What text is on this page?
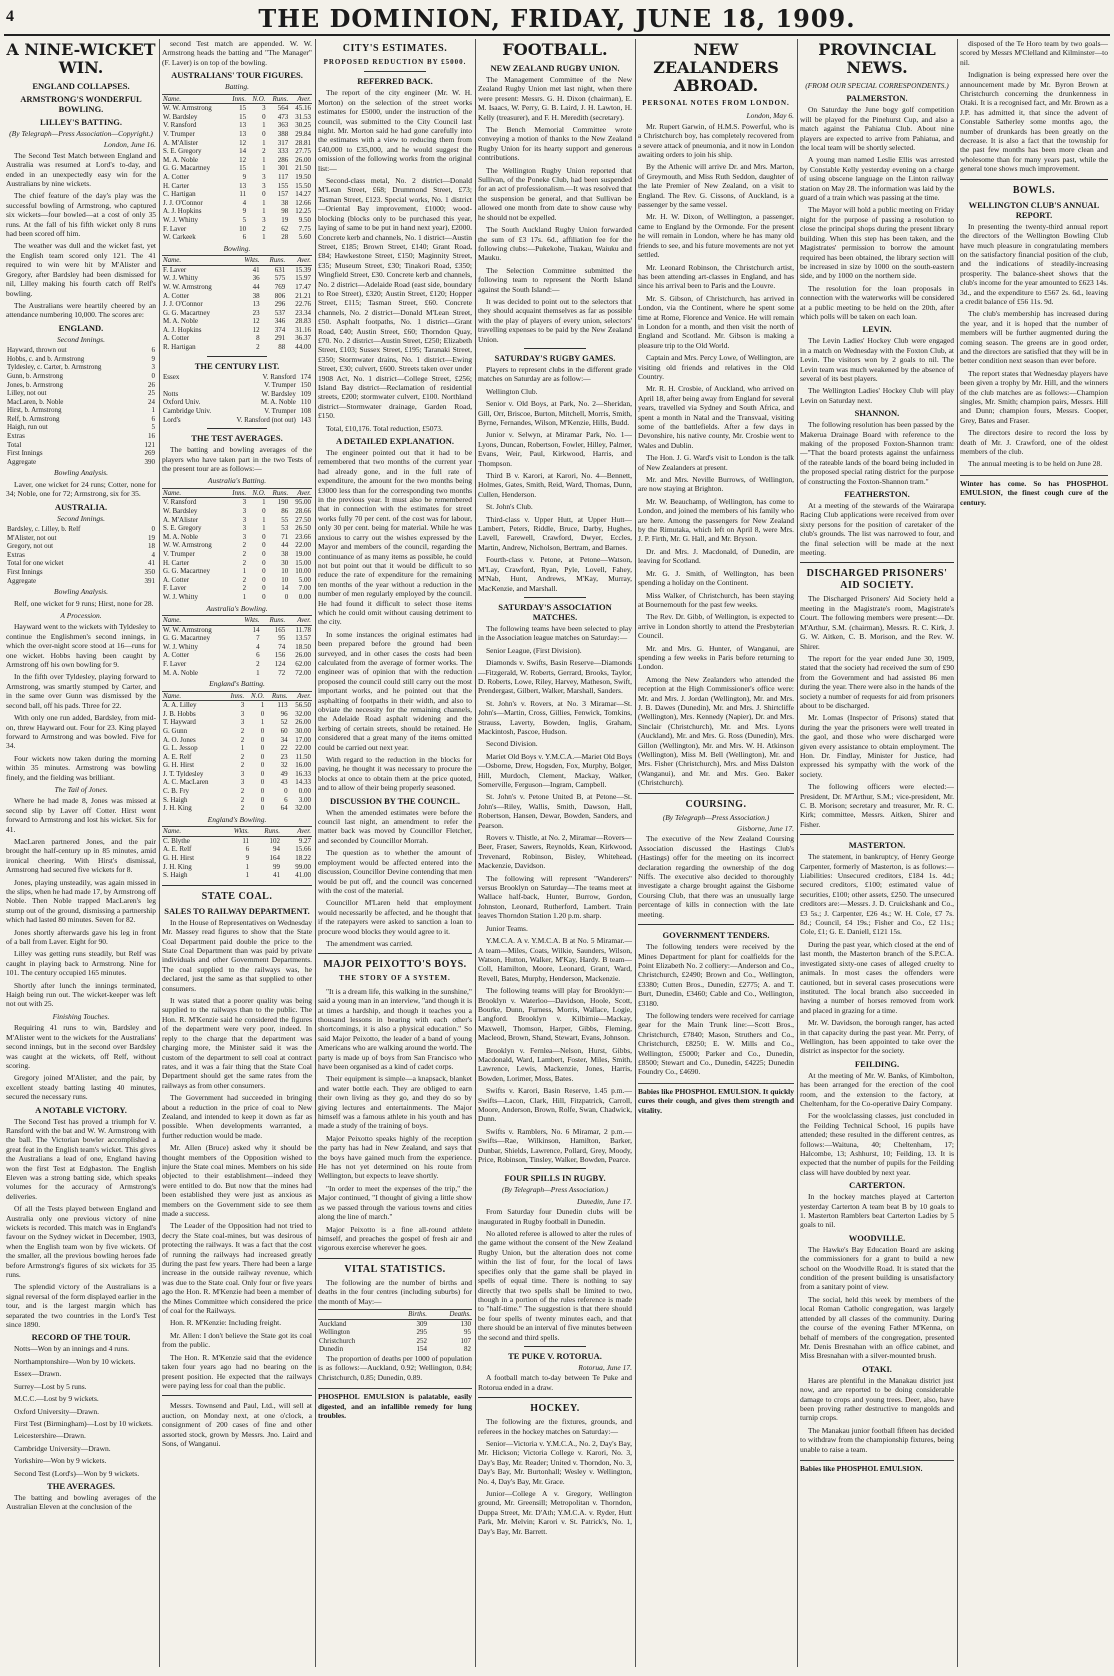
4	THE DOMINION, FRIDAY, JUNE 18, 1909.
A NINE-WICKET WIN.
ENGLAND COLLAPSES.
ARMSTRONG'S WONDERFUL BOWLING.
LILLEY'S BATTING.
(By Telegraph—Press Association—Copyright.)
London, June 16.

The Second Test Match between England and Australia was resumed at Lord's to-day, and ended in an unexpectedly easy win for the Australians by nine wickets.

The chief feature of the day's play was the successful bowling of Armstrong, who captured six wickets—four bowled—at a cost of only 35 runs. At the fall of his fifth wicket only 8 runs had been scored off him.

The weather was dull and the wicket fast, yet the English team scored only 121. The 41 required to win were hit by M'Alister and Gregory, after Bardsley had been dismissed for nil, Lilley making his fourth catch off Relf's bowling.

The Australians were heartily cheered by an attendance numbering 10,000. The scores are:

ENGLAND.
Second Innings.
Hayward, thrown out	6
Hobbs, c. and b. Armstrong	9
Tyldesley, c. Carter, b. Armstrong	3
Gunn, b. Armstrong	0
Jones, b. Armstrong	26
Lilley, not out	25
MacLaren, b. Noble	24
Hirst, b. Armstrong	1
Relf, b. Armstrong	6
Haigh, run out	5
Extras	16
Total	121
First Innings	269
Aggregate	390
Bowling Analysis.

Laver, one wicket for 24 runs; Cotter, none for 34; Noble, one for 72; Armstrong, six for 35.

AUSTRALIA.
Second Innings.
Bardsley, c. Lilley, b. Relf	0
M'Alister, not out	19
Gregory, not out	18
Extras	4
Total for one wicket	41
First Innings	350
Aggregate	391
Bowling Analysis.

Relf, one wicket for 9 runs; Hirst, none for 28.

A Procession.

Hayward went to the wickets with Tyldesley to continue the Englishmen's second innings, in which the over-night score stood at 16—runs for one wicket. Hobbs having been caught by Armstrong off his own bowling for 9.

In the fifth over Tyldesley, playing forward to Armstrong, was smartly stumped by Carter, and in the same over Gunn was dismissed by the second ball, off his pads. Three for 22.

With only one run added, Bardsley, from mid-on, threw Hayward out. Four for 23. King played forward to Armstrong and was bowled. Five for 34.

Four wickets now taken during the morning within 35 minutes. Armstrong was bowling finely, and the fielding was brilliant.

The Tail of Jones.

Where he had made 8, Jones was missed at second slip by Laver off Cotter. Hirst went forward to Armstrong and lost his wicket. Six for 41.

MacLaren partnered Jones, and the pair brought the half-century up in 85 minutes, amid ironical cheering. With Hirst's dismissal, Armstrong had secured five wickets for 8.

Jones, playing unsteadily, was again missed in the slips, when he had made 17, by Armstrong off Noble. Then Noble trapped MacLaren's leg stump out of the ground, dismissing a partnership which had lasted 80 minutes. Seven for 82.

Jones shortly afterwards gave his leg in front of a ball from Laver. Eight for 90.

Lilley was getting runs steadily, but Relf was caught in playing back to Armstrong. Nine for 101. The century occupied 165 minutes.

Shortly after lunch the innings terminated, Haigh being run out. The wicket-keeper was left not out with 25.

Finishing Touches.

Requiring 41 runs to win, Bardsley and M'Alister went to the wickets for the Australians' second innings, but in the second over Bardsley was caught at the wickets, off Relf, without scoring.

Gregory joined M'Alister, and the pair, by excellent steady batting lasting 40 minutes, secured the necessary runs.

A NOTABLE VICTORY.

The Second Test has proved a triumph for V. Ransford with the bat and W. W. Armstrong with the ball. The Victorian bowler accomplished a great feat in the English team's wicket. This gives the Australians a lead of one, England having won the first Test at Edgbaston. The English Eleven was a strong batting side, which speaks volumes for the accuracy of Armstrong's deliveries.

Of all the Tests played between England and Australia only one previous victory of nine wickets is recorded. This match was in England's favour on the Sydney wicket in December, 1903, when the English team won by five wickets. Of the smaller, all the previous bowling heroes fade before Armstrong's figures of six wickets for 35 runs.

The splendid victory of the Australians is a signal reversal of the form displayed earlier in the tour, and is the largest margin which has separated the two countries in the Lord's Test since 1890.

RECORD OF THE TOUR.

Notts—Won by an innings and 4 runs.

Northamptonshire—Won by 10 wickets.

Essex—Drawn.

Surrey—Lost by 5 runs.

M.C.C.—Lost by 9 wickets.

Oxford University—Drawn.

First Test (Birmingham)—Lost by 10 wickets.

Leicestershire—Drawn.

Cambridge University—Drawn.

Yorkshire—Won by 9 wickets.

Second Test (Lord's)—Won by 9 wickets.

THE AVERAGES.

The batting and bowling averages of the Australian Eleven at the conclusion of the

second Test match are appended. W. W. Armstrong heads the batting and "The Manager" (F. Laver) is on top of the bowling.

AUSTRALIANS' TOUR FIGURES.
Batting.
Name.	Inns.	N.O.	Runs.	Aver.
W. W. Armstrong	15	3	564	45.16
W. Bardsley	15	0	473	31.53
V. Ransford	13	1	363	30.25
V. Trumper	13	0	388	29.84
A. M'Alister	12	1	317	28.81
S. E. Gregory	14	2	333	27.75
M. A. Noble	12	1	286	26.00
G. G. Macartney	15	1	301	21.50
A. Cotter	9	3	117	19.50
H. Carter	13	3	155	15.50
C. Hartigan	11	0	157	14.27
J. J. O'Connor	4	1	38	12.66
A. J. Hopkins	9	1	98	12.25
W. J. Whitty	5	3	19	9.50
F. Laver	10	2	62	7.75
W. Carkeek	6	1	28	5.60
Bowling.
Name.	Wkts.	Runs.	Aver.
F. Laver	41	631	15.39
W. J. Whitty	36	575	15.97
W. W. Armstrong	44	769	17.47
A. Cotter	38	806	21.21
J. J. O'Connor	13	296	22.76
G. G. Macartney	23	537	23.34
M. A. Noble	12	346	28.83
A. J. Hopkins	12	374	31.16
A. Cotter	8	291	36.37
R. Hartigan	2	88	44.00
THE CENTURY LIST.
Essex	V. Ransford	174
	V. Trumper	150
Notts	W. Bardsley	109
Oxford Univ.	M. A. Noble	110
Cambridge Univ.	V. Trumper	108
Lord's	V. Ransford (not out)	143
THE TEST AVERAGES.

The batting and bowling averages of the players who have taken part in the two Tests of the present tour are as follows:—

Australia's Batting.
Name.	Inns.	N.O.	Runs.	Aver.
V. Ransford	3	1	190	95.00
W. Bardsley	3	0	86	28.66
A. M'Alister	3	1	55	27.50
S. E. Gregory	3	1	53	26.50
M. A. Noble	3	0	71	23.66
W. W. Armstrong	2	0	44	22.00
V. Trumper	2	0	38	19.00
H. Carter	2	0	30	15.00
G. G. Macartney	1	0	10	10.00
A. Cotter	2	0	10	5.00
F. Laver	2	0	14	7.00
W. J. Whitty	1	0	0	0.00
Australia's Bowling.
Name.	Wkts.	Runs.	Aver.
W. W. Armstrong	14	165	11.78
G. G. Macartney	7	95	13.57
W. J. Whitty	4	74	18.50
A. Cotter	6	156	26.00
F. Laver	2	124	62.00
M. A. Noble	1	72	72.00
England's Batting.
Name.	Inns.	N.O.	Runs.	Aver.
A. A. Lilley	3	1	113	56.50
J. B. Hobbs	3	0	96	32.00
T. Hayward	3	1	52	26.00
G. Gunn	2	0	60	30.00
A. O. Jones	2	0	34	17.00
G. L. Jessop	1	0	22	22.00
A. E. Relf	2	0	23	11.50
G. H. Hirst	2	0	32	16.00
J. T. Tyldesley	3	0	49	16.33
A. C. MacLaren	3	0	43	14.33
C. B. Fry	2	0	0	0.00
S. Haigh	2	0	6	3.00
J. H. King	2	0	64	32.00
England's Bowling.
Name.	Wkts.	Runs.	Aver.
C. Blythe	11	102	9.27
A. E. Relf	6	94	15.66
G. H. Hirst	9	164	18.22
J. H. King	1	99	99.00
S. Haigh	1	41	41.00
STATE COAL.
SALES TO RAILWAY DEPARTMENT.

In the House of Representatives on Wednesday Mr. Massey read figures to show that the State Coal Department paid double the price to the State Coal Department than was paid by private individuals and other Government Departments. The coal supplied to the railways was, he declared, just the same as that supplied to other consumers.

It was stated that a poorer quality was being supplied to the railways than to the public. The Hon. R. M'Kenzie said he considered the figures of the department were very poor, indeed. In reply to the charge that the department was charging more, the Minister said it was the custom of the department to sell coal at contract rates, and it was a fair thing that the State Coal Department should get the same rates from the railways as from other consumers.

The Government had succeeded in bringing about a reduction in the price of coal to New Zealand, and intended to keep it down as far as possible. When developments warranted, a further reduction would be made.

Mr. Allen (Bruce) asked why it should be thought members of the Opposition wished to injure the State coal mines. Members on his side objected to their establishment—indeed they were entitled to do. But now that the mines had been established they were just as anxious as members on the Government side to see them made a success.

The Leader of the Opposition had not tried to decry the State coal-mines, but was desirous of protecting the railways. It was a fact that the cost of running the railways had increased greatly during the past few years. There had been a large increase in the outside railway revenue, which was due to the State coal. Only four or five years ago the Hon. R. M'Kenzie had been a member of the Mines Committee which considered the price of coal for the Railways.

Hon. R. M'Kenzie: Including freight.

Mr. Allen: I don't believe the State got its coal from the public.

The Hon. R. M'Kenzie said that the evidence taken four years ago had no bearing on the present position. He expected that the railways were paying less for coal than the public.

Messrs. Townsend and Paul, Ltd., will sell at auction, on Monday next, at one o'clock, a consignment of 200 cases of fine and other assorted stock, grown by Messrs. Jno. Laird and Sons, of Wanganui.

CITY'S ESTIMATES.
PROPOSED REDUCTION BY £5000.
REFERRED BACK.

The report of the city engineer (Mr. W. H. Morton) on the selection of the street works estimates for £5000, under the instruction of the council, was submitted to the City Council last night. Mr. Morton said he had gone carefully into the estimates with a view to reducing them from £40,000 to £35,000, and he would suggest the omission of the following works from the original list:—

Second-class metal, No. 2 district—Donald M'Lean Street, £68; Drummond Street, £73; Tasman Street, £123. Special works, No. 1 district—Oriental Bay improvement, £1000; wood-blocking (blocks only to be purchased this year, laying of same to be put in hand next year), £2000. Concrete kerb and channels, No. 1 district—Austin Street, £185; Brown Street, £140; Grant Road, £84; Hawkestone Street, £150; Maginnity Street, £35; Museum Street, £30; Tinakori Road, £350; Wingfield Street, £30. Concrete kerb and channels, No. 2 district—Adelaide Road (east side, boundary to Roe Street), £320; Austin Street, £120; Hopper Street, £115; Tasman Street, £60. Concrete channels, No. 2 district—Donald M'Lean Street, £50. Asphalt footpaths, No. 1 district—Grant Road, £40; Austin Street, £60; Thorndon Quay, £70. No. 2 district—Austin Street, £250; Elizabeth Street, £103; Sussex Street, £195; Taranaki Street, £350; Stormwater drains, No. 1 district—Ewing Street, £30; culvert, £600. Streets taken over under 1908 Act, No. 1 district—College Street, £256; Island Bay district—Reclamation of residential streets, £200; stormwater culvert, £100. Northland district—Stormwater drainage, Garden Road, £150.

Total, £10,176. Total reduction, £5073.

A DETAILED EXPLANATION.

The engineer pointed out that it had to be remembered that two months of the current year had already gone, and in the full rate of expenditure, the amount for the two months being £3000 less than for the corresponding two months in the previous year. It must also be remembered that in connection with the estimates for street works fully 70 per cent. of the cost was for labour, only 30 per cent. being for material. While he was anxious to carry out the wishes expressed by the Mayor and members of the council, regarding the continuance of as many items as possible, he could not but point out that it would be difficult to so reduce the rate of expenditure for the remaining ten months of the year without a reduction in the number of men regularly employed by the council. He had found it difficult to select those items which he could omit without causing detriment to the city.

In some instances the original estimates had been prepared before the ground had been surveyed, and in other cases the costs had been calculated from the average of former works. The engineer was of opinion that with the reduction proposed the council could still carry out the most important works, and he pointed out that the asphalting of footpaths in their width, and also to obviate the necessity for the remaining channels, the Adelaide Road asphalt widening and the kerbing of certain streets, should be retained. He considered that a great many of the items omitted could be carried out next year.

With regard to the reduction in the blocks for paving, he thought it was necessary to procure the blocks at once to obtain them at the price quoted, and to allow of their being properly seasoned.

DISCUSSION BY THE COUNCIL.

When the amended estimates were before the council last night, an amendment to refer the matter back was moved by Councillor Fletcher, and seconded by Councillor Morrah.

The question as to whether the amount of employment would be affected entered into the discussion, Councillor Devine contending that men would be put off, and the council was concerned with the cost of the material.

Councillor M'Laren held that employment would necessarily be affected, and he thought that if the ratepayers were asked to sanction a loan to procure wood blocks they would agree to it.

The amendment was carried.

MAJOR PEIXOTTO'S BOYS.
THE STORY OF A SYSTEM.

"It is a dream life, this walking in the sunshine," said a young man in an interview, "and though it is at times a hardship, and though it teaches you a thousand lessons in bearing with each other's shortcomings, it is also a physical education." So said Major Peixotto, the leader of a band of young Americans who are walking around the world. The party is made up of boys from San Francisco who have been organised as a kind of cadet corps.

Their equipment is simple—a knapsack, blanket and water bottle each. They are obliged to earn their own living as they go, and they do so by giving lectures and entertainments. The Major himself was a famous athlete in his youth and has made a study of the training of boys.

Major Peixotto speaks highly of the reception the party has had in New Zealand, and says that the boys have gained much from the experience. He has not yet determined on his route from Wellington, but expects to leave shortly.

"In order to meet the expenses of the trip," the Major continued, "I thought of giving a little show as we passed through the various towns and cities along the line of march."

Major Peixotto is a fine all-round athlete himself, and preaches the gospel of fresh air and vigorous exercise wherever he goes.

VITAL STATISTICS.

The following are the number of births and deaths in the four centres (including suburbs) for the month of May:—

	Births.	Deaths.
Auckland	309	130
Wellington	295	95
Christchurch	252	107
Dunedin	154	82

The proportion of deaths per 1000 of population is as follows:—Auckland, 0.92; Wellington, 0.84; Christchurch, 0.85; Dunedin, 0.89.

PHOSPHOL EMULSION is palatable, easily digested, and an infallible remedy for lung troubles.
FOOTBALL.
NEW ZEALAND RUGBY UNION.

The Management Committee of the New Zealand Rugby Union met last night, when there were present: Messrs. G. H. Dixon (chairman), E. M. Isaacs, W. Perry, G. B. Laird, J. H. Lawton, H. Kelly (treasurer), and F. H. Meredith (secretary).

The Bench Memorial Committee wrote conveying a motion of thanks to the New Zealand Rugby Union for its hearty support and generous contributions.

The Wellington Rugby Union reported that Sullivan, of the Poneke Club, had been suspended for an act of professionalism.—It was resolved that the suspension be general, and that Sullivan be allowed one month from date to show cause why he should not be expelled.

The South Auckland Rugby Union forwarded the sum of £3 17s. 6d., affiliation fee for the following clubs:—Pukekohe, Tuakau, Waiuku and Mauku.

The Selection Committee submitted the following team to represent the North Island against the South Island:—

It was decided to point out to the selectors that they should acquaint themselves as far as possible with the play of players of every union, selectors' travelling expenses to be paid by the New Zealand Union.

SATURDAY'S RUGBY GAMES.

Players to represent clubs in the different grade matches on Saturday are as follow:—

Wellington Club.

Senior v. Old Boys, at Park, No. 2—Sheridan, Gill, Orr, Briscoe, Burton, Mitchell, Morris, Smith, Byrne, Fernandes, Wilson, M'Kenzie, Hills, Budd.

Junior v. Selwyn, at Miramar Park, No. 1—Lyons, Duncan, Robertson, Fowler, Hilley, Palmer, Evans, Weir, Paul, Kirkwood, Harris, and Thompson.

Third B v. Karori, at Karori, No. 4—Bennett, Holmes, Gates, Smith, Reid, Ward, Thomas, Dunn, Cullen, Henderson.

St. John's Club.

Third-class v. Upper Hutt, at Upper Hutt—Lambert, Peters, Riddle, Bruce, Darby, Hughes, Lavell, Farewell, Crawford, Dwyer, Eccles, Martin, Andrew, Nicholson, Bertram, and Barnes.

Fourth-class v. Petone, at Petone—Watson, M'Lay, Crawford, Ryan, Pyle, Lovell, Fahey, M'Nab, Hunt, Andrews, M'Kay, Murray, MacKenzie, and Marshall.

SATURDAY'S ASSOCIATION MATCHES.

The following teams have been selected to play in the Association league matches on Saturday:—

Senior League, (First Division).

Diamonds v. Swifts, Basin Reserve—Diamonds—Fitzgerald, W. Roberts, Gerrard, Brooks, Taylor, D. Roberts, Lowe, Riley, Harvey, Matheson, Swift, Prendergast, Gilbert, Walker, Marshall, Sanders.

St. John's v. Rovers, at No. 3 Miramar—St. John's—Martin, Cross, Gillies, Fenwick, Tomkins, Strauss, Laverty, Bowden, Inglis, Graham, Mackintosh, Pascoe, Hudson.

Second Division.

Mariet Old Boys v. Y.M.C.A.—Mariet Old Boys—Osborne, Drew, Hogsden, Fox, Murphy, Bolger, Hill, Murdoch, Clement, Mackay, Walker, Somerville, Ferguson—Ingram, Campbell.

St. John's v. Petone United B, at Petone—St. John's—Riley, Wallis, Smith, Dawson, Hall, Robertson, Hansen, Dewar, Bowden, Sanders, and Pearson.

Rovers v. Thistle, at No. 2, Miramar—Rovers—Beer, Fraser, Sawers, Reynolds, Kean, Kirkwood, Trevenard, Robinson, Bisley, Whitehead, Mackenzie, Davidson.

The following will represent "Wanderers" versus Brooklyn on Saturday—The teams meet at Wallace half-back, Hunter, Burrow, Gordon, Johnston, Leonard, Rutherford, Lambert. Train leaves Thorndon Station 1.20 p.m. sharp.

Junior Teams.

Y.M.C.A. A v. Y.M.C.A. B at No. 5 Miramar.—A team—Miles, Coats, Wilkie, Saunders, Wilson, Watson, Hutton, Walker, M'Kay, Hardy. B team—Coll, Hamilton, Moore, Leonard, Grant, Ward, Revell, Bates, Murphy, Henderson, Mackenzie.

The following teams will play for Brooklyn:—Brooklyn v. Waterloo—Davidson, Hoole, Scott, Bourke, Dunn, Furness, Morris, Wallace, Logie, Langford. Brooklyn v. Kilbirnie—Mackay, Maxwell, Thomson, Harper, Gibbs, Fleming, Macleod, Brown, Shand, Stewart, Evans, Johnson.

Brooklyn v. Fernlea—Nelson, Hurst, Gibbs, Macdonald, Ward, Lambert, Foster, Miles, Smith, Lawrence, Lewis, Mackenzie, Jones, Harris, Bowden, Lorimer, Moss, Bates.

Swifts v. Karori, Basin Reserve, 1.45 p.m.—Swifts—Lacon, Clark, Hill, Fitzpatrick, Carroll, Moore, Anderson, Brown, Rolfe, Swan, Chadwick, Dunn.

Swifts v. Ramblers, No. 6 Miramar, 2 p.m.—Swifts—Rae, Wilkinson, Hamilton, Barker, Dunbar, Shields, Lawrence, Pollard, Grey, Moody, Price, Robinson, Tinsley, Walker, Bowden, Pearce.

FOUR SPILLS IN RUGBY.
(By Telegraph—Press Association.)
Dunedin, June 17.

From Saturday four Dunedin clubs will be inaugurated in Rugby football in Dunedin.

No alloted referee is allowed to alter the rules of the game without the consent of the New Zealand Rugby Union, but the alteration does not come within the list of four, for the local of laws specifies only that the game shall be played in spells of equal time. There is nothing to say directly that two spells shall be limited to two, though in a portion of the rules reference is made to "half-time." The suggestion is that there should be four spells of twenty minutes each, and that there should be an interval of five minutes between the second and third spells.

TE PUKE V. ROTORUA.
Rotorua, June 17.

A football match to-day between Te Puke and Rotorua ended in a draw.

HOCKEY.

The following are the fixtures, grounds, and referees in the hockey matches on Saturday:—

Senior—Victoria v. Y.M.C.A., No. 2, Day's Bay, Mr. Hickson; Victoria College v. Karori, No. 3, Day's Bay, Mr. Reader; United v. Thorndon, No. 3, Day's Bay, Mr. Burtonhall; Wesley v. Wellington, No. 4, Day's Bay, Mr. Grace.

Junior—College A v. Gregory, Wellington ground, Mr. Greensill; Metropolitan v. Thorndon, Duppa Street, Mr. D'Ath; Y.M.C.A. v. Ryder, Hutt Park, Mr. Melvin; Karori v. St. Patrick's, No. 1, Day's Bay, Mr. Barrett.

NEW ZEALANDERS ABROAD.
PERSONAL NOTES FROM LONDON.
London, May 6.

Mr. Rupert Garwin, of H.M.S. Powerful, who is a Christchurch boy, has completely recovered from a severe attack of pneumonia, and it now in London awaiting orders to join his ship.

By the Athenic will arrive Dr. and Mrs. Marton, of Greymouth, and Miss Ruth Seddon, daughter of the late Premier of New Zealand, on a visit to England. The Rev. G. Cissons, of Auckland, is a passenger by the same vessel.

Mr. H. W. Dixon, of Wellington, a passenger, came to England by the Ormonde. For the present he will remain in London, where he has many old friends to see, and his future movements are not yet settled.

Mr. Leonard Robinson, the Christchurch artist, has been attending art-classes in England, and has since his arrival been to Paris and the Louvre.

Mr. S. Gibson, of Christchurch, has arrived in London, via the Continent, where he spent some time at Rome, Florence and Venice. He will remain in London for a month, and then visit the north of England and Scotland. Mr. Gibson is making a pleasure trip to the Old World.

Captain and Mrs. Percy Lowe, of Wellington, are visiting old friends and relatives in the Old Country.

Mr. R. H. Crosbie, of Auckland, who arrived on April 18, after being away from England for several years, travelled via Sydney and South Africa, and spent a month in Natal and the Transvaal, visiting some of the battlefields. After a few days in Devonshire, his native county, Mr. Crosbie went to Wales and Dublin.

The Hon. J. G. Ward's visit to London is the talk of New Zealanders at present.

Mr. and Mrs. Neville Burrows, of Wellington, are now staying at Brighton.

Mr. W. Beauchamp, of Wellington, has come to London, and joined the members of his family who are here. Among the passengers for New Zealand by the Rimutaka, which left on April 8, were Mrs. J. P. Firth, Mr. G. Hall, and Mr. Bryson.

Dr. and Mrs. J. Macdonald, of Dunedin, are leaving for Scotland.

Mr. G. J. Smith, of Wellington, has been spending a holiday on the Continent.

Miss Walker, of Christchurch, has been staying at Bournemouth for the past few weeks.

The Rev. Dr. Gibb, of Wellington, is expected to arrive in London shortly to attend the Presbyterian Council.

Mr. and Mrs. G. Hunter, of Wanganui, are spending a few weeks in Paris before returning to London.

Among the New Zealanders who attended the reception at the High Commissioner's office were: Mr. and Mrs. J. Jordan (Wellington), Mr. and Mrs. J. B. Dawes (Dunedin), Mr. and Mrs. J. Shirtcliffe (Wellington), Mrs. Kennedy (Napier), Dr. and Mrs. Sinclair (Christchurch), Mr. and Mrs. Lyons (Auckland), Mr. and Mrs. G. Ross (Dunedin), Mrs. Gillon (Wellington), Mr. and Mrs. W. H. Atkinson (Wellington), Miss M. Bell (Wellington), Mr. and Mrs. Fisher (Christchurch), Mrs. and Miss Dalston (Wanganui), and Mr. and Mrs. Geo. Baker (Christchurch).

COURSING.
(By Telegraph—Press Association.)
Gisborne, June 17.

The executive of the New Zealand Coursing Association discussed the Hastings Club's (Hastings) offer for the meeting on its incorrect declaration regarding the ownership of the dog Niffs. The executive also decided to thoroughly investigate a charge brought against the Gisborne Coursing Club, that there was an unusually large percentage of kills in connection with the late meeting.

GOVERNMENT TENDERS.

The following tenders were received by the Mines Department for plant for coalfields for the Point Elizabeth No. 2 colliery:—Anderson and Co., Christchurch, £2490; Brown and Co., Wellington, £3380; Cutten Bros., Dunedin, £2775; A. and T. Burt, Dunedin, £3460; Cable and Co., Wellington, £3180.

The following tenders were received for carriage gear for the Main Trunk line:—Scott Bros., Christchurch, £7840; Mason, Struthers and Co., Christchurch, £8250; E. W. Mills and Co., Wellington, £5000; Parker and Co., Dunedin, £8500; Stewart and Co., Dunedin, £4225; Dunedin Foundry Co., £4690.

Babies like PHOSPHOL EMULSION. It quickly cures their cough, and gives them strength and vitality.
PROVINCIAL NEWS.
(FROM OUR SPECIAL CORRESPONDENTS.)
PALMERSTON.

On Saturday the June bogy golf competition will be played for the Pinehurst Cup, and also a match against the Pahiatua Club. About nine players are expected to arrive from Pahiatua, and the local team will be shortly selected.

A young man named Leslie Ellis was arrested by Constable Kelly yesterday evening on a charge of using obscene language on the Linton railway station on May 28. The information was laid by the guard of a train which was passing at the time.

The Mayor will hold a public meeting on Friday night for the purpose of passing a resolution to close the principal shops during the present library building. When this step has been taken, and the Magistrates' permission to borrow the amount required has been obtained, the library section will be increased in size by 1000 on the south-eastern side, and by 1000 on the northern side.

The resolution for the loan proposals in connection with the waterworks will be considered at a public meeting to be held on the 20th, after which polls will be taken on each loan.

LEVIN.

The Levin Ladies' Hockey Club were engaged in a match on Wednesday with the Foxton Club, at Levin. The visitors won by 2 goals to nil. The Levin team was much weakened by the absence of several of its best players.

The Wellington Ladies' Hockey Club will play Levin on Saturday next.

SHANNON.

The following resolution has been passed by the Makerua Drainage Board with reference to the making of the proposed Foxton-Shannon tram:—"That the board protests against the unfairness of the rateable lands of the board being included in the proposed special rating district for the purpose of constructing the Foxton-Shannon tram."

FEATHERSTON.

At a meeting of the stewards of the Wairarapa Racing Club applications were received from over sixty persons for the position of caretaker of the club's grounds. The list was narrowed to four, and the final selection will be made at the next meeting.

DISCHARGED PRISONERS' AID SOCIETY.

The Discharged Prisoners' Aid Society held a meeting in the Magistrate's room, Magistrate's Court. The following members were present:—Dr. M'Arthur, S.M. (chairman), Messrs. R. C. Kirk, J. G. W. Aitken, C. B. Morison, and the Rev. W. Shirer.

The report for the year ended June 30, 1909, stated that the society had received the sum of £90 from the Government and had assisted 86 men during the year. There were also in the hands of the society a number of requests for aid from prisoners about to be discharged.

Mr. Lomas (Inspector of Prisons) stated that during the year the prisoners were well treated in the gaol, and those who were discharged were given every assistance to obtain employment. The Hon. Dr. Findlay, Minister for Justice, had expressed his sympathy with the work of the society.

The following officers were elected:—President, Dr. M'Arthur, S.M.; vice-president, Mr. C. B. Morison; secretary and treasurer, Mr. R. C. Kirk; committee, Messrs. Aitken, Shirer and Fisher.

MASTERTON.

The statement, in bankruptcy, of Henry George Carpenter, formerly of Masterton, is as follows:—Liabilities: Unsecured creditors, £184 1s. 4d.; secured creditors, £100; estimated value of securities, £100; other assets, £250. The unsecured creditors are:—Messrs. J. D. Cruickshank and Co., £3 5s.; J. Carpenter, £26 4s.; W. H. Cole, £7 7s. 8d.; Council, £4 19s.; Fisher and Co., £2 11s.; Cole, £1; G. E. Daniell, £121 15s.

During the past year, which closed at the end of last month, the Masterton branch of the S.P.C.A. investigated sixty-one cases of alleged cruelty to animals. In most cases the offenders were cautioned, but in several cases prosecutions were instituted. The local branch also succeeded in having a number of horses removed from work and placed in grazing for a time.

Mr. W. Davidson, the borough ranger, has acted in that capacity during the past year. Mr. Perry, of Wellington, has been appointed to take over the district as inspector for the society.

FEILDING.

At the meeting of Mr. W. Banks, of Kimbolton, has been arranged for the erection of the cool room, and the extension to the factory, at Cheltenham, for the Co-operative Dairy Company.

For the woolclassing classes, just concluded in the Feilding Technical School, 16 pupils have attended; these resulted in the different centres, as follows:—Waituna, 40; Cheltenham, 17; Halcombe, 13; Ashhurst, 10; Feilding, 13. It is expected that the number of pupils for the Feilding class will have doubled by next year.

CARTERTON.

In the hockey matches played at Carterton yesterday Carterton A team beat B by 10 goals to 1. Masterton Ramblers beat Carterton Ladies by 5 goals to nil.

WOODVILLE.

The Hawke's Bay Education Board are asking the commissioners for a grant to build a new school on the Woodville Road. It is stated that the condition of the present building is unsatisfactory from a sanitary point of view.

The social, held this week by members of the local Roman Catholic congregation, was largely attended by all classes of the community. During the course of the evening Father M'Kenna, on behalf of members of the congregation, presented Mr. Denis Bresnahan with an office cabinet, and Miss Bresnahan with a silver-mounted brush.

OTAKI.

Hares are plentiful in the Manakau district just now, and are reported to be doing considerable damage to crops and young trees. Deer, also, have been proving rather destructive to mangolds and turnip crops.

The Manakau junior football fifteen has decided to withdraw from the championship fixtures, being unable to raise a team.

Babies like PHOSPHOL EMULSION.

disposed of the Te Horo team by two goals—scored by Messrs M'Clelland and Kilminster—to nil.

Indignation is being expressed here over the announcement made by Mr. Byron Brown at Christchurch concerning the drunkenness in Otaki. It is a recognised fact, and Mr. Brown as a J.P. has admitted it, that since the advent of Constable Satherley some months ago, the number of drunkards has been greatly on the decrease. It is also a fact that the township for the past few months has been more clean and wholesome than for many years past, while the general tone shows much improvement.

BOWLS.
WELLINGTON CLUB'S ANNUAL REPORT.

In presenting the twenty-third annual report the directors of the Wellington Bowling Club have much pleasure in congratulating members on the satisfactory financial position of the club, and the indications of steadily-increasing prosperity. The balance-sheet shows that the club's income for the year amounted to £623 14s. 3d., and the expenditure to £567 2s. 6d., leaving a credit balance of £56 11s. 9d.

The club's membership has increased during the year, and it is hoped that the number of members will be further augmented during the coming season. The greens are in good order, and the directors are satisfied that they will be in better condition next season than ever before.

The report states that Wednesday players have been given a trophy by Mr. Hill, and the winners of the club matches are as follows:—Champion singles, Mr. Smith; champion pairs, Messrs. Hill and Dunn; champion fours, Messrs. Cooper, Grey, Bates and Fraser.

The directors desire to record the loss by death of Mr. J. Crawford, one of the oldest members of the club.

The annual meeting is to be held on June 28.

Winter has come. So has PHOSPHOL EMULSION, the finest cough cure of the century.
